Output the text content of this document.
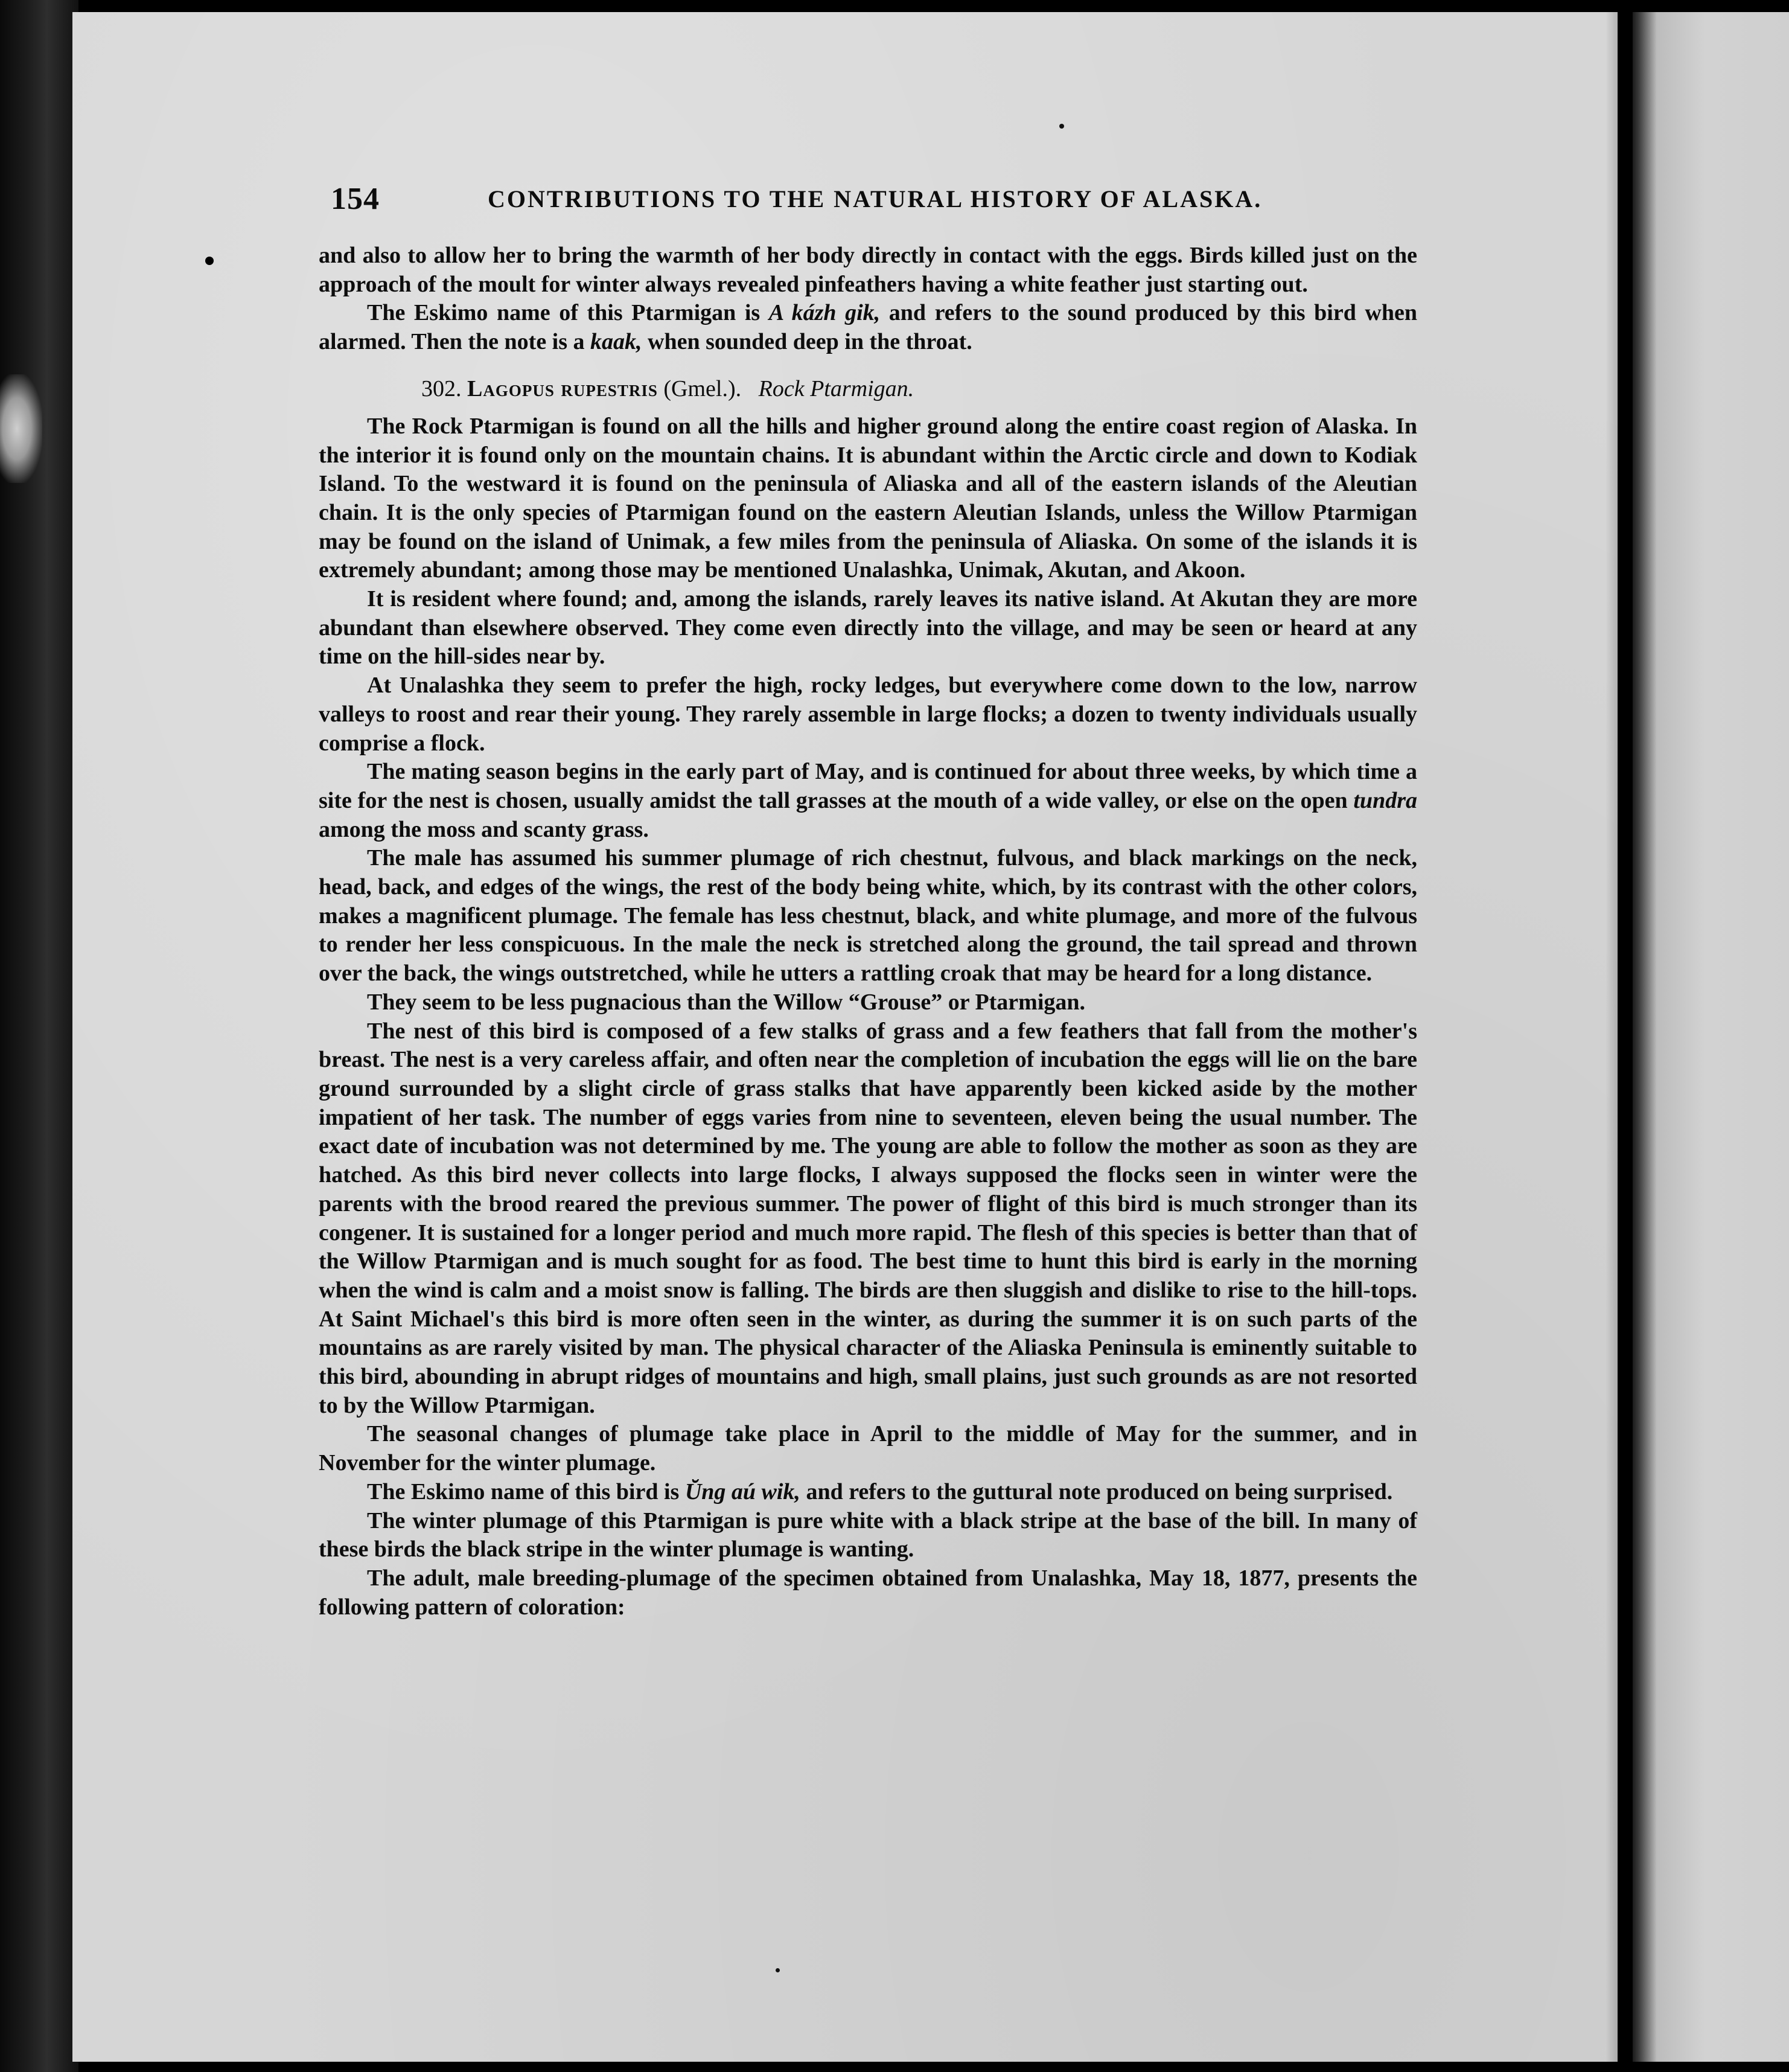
154	CONTRIBUTIONS TO THE NATURAL HISTORY OF ALASKA.

and also to allow her to bring the warmth of her body directly in contact with the eggs. Birds killed just on the approach of the moult for winter always revealed pinfeathers having a white feather just starting out.

The Eskimo name of this Ptarmigan is A kázh gik, and refers to the sound produced by this bird when alarmed. Then the note is a kaak, when sounded deep in the throat.

302. Lagopus rupestris (Gmel.). Rock Ptarmigan.

The Rock Ptarmigan is found on all the hills and higher ground along the entire coast region of Alaska. In the interior it is found only on the mountain chains. It is abundant within the Arctic circle and down to Kodiak Island. To the westward it is found on the peninsula of Aliaska and all of the eastern islands of the Aleutian chain. It is the only species of Ptarmigan found on the eastern Aleutian Islands, unless the Willow Ptarmigan may be found on the island of Unimak, a few miles from the peninsula of Aliaska. On some of the islands it is extremely abundant; among those may be mentioned Unalashka, Unimak, Akutan, and Akoon.

It is resident where found; and, among the islands, rarely leaves its native island. At Akutan they are more abundant than elsewhere observed. They come even directly into the village, and may be seen or heard at any time on the hill-sides near by.

At Unalashka they seem to prefer the high, rocky ledges, but everywhere come down to the low, narrow valleys to roost and rear their young. They rarely assemble in large flocks; a dozen to twenty individuals usually comprise a flock.

The mating season begins in the early part of May, and is continued for about three weeks, by which time a site for the nest is chosen, usually amidst the tall grasses at the mouth of a wide valley, or else on the open tundra among the moss and scanty grass.

The male has assumed his summer plumage of rich chestnut, fulvous, and black markings on the neck, head, back, and edges of the wings, the rest of the body being white, which, by its contrast with the other colors, makes a magnificent plumage. The female has less chestnut, black, and white plumage, and more of the fulvous to render her less conspicuous. In the male the neck is stretched along the ground, the tail spread and thrown over the back, the wings outstretched, while he utters a rattling croak that may be heard for a long distance.

They seem to be less pugnacious than the Willow “Grouse” or Ptarmigan.

The nest of this bird is composed of a few stalks of grass and a few feathers that fall from the mother's breast. The nest is a very careless affair, and often near the completion of incubation the eggs will lie on the bare ground surrounded by a slight circle of grass stalks that have apparently been kicked aside by the mother impatient of her task. The number of eggs varies from nine to seventeen, eleven being the usual number. The exact date of incubation was not determined by me. The young are able to follow the mother as soon as they are hatched. As this bird never collects into large flocks, I always supposed the flocks seen in winter were the parents with the brood reared the previous summer. The power of flight of this bird is much stronger than its congener. It is sustained for a longer period and much more rapid. The flesh of this species is better than that of the Willow Ptarmigan and is much sought for as food. The best time to hunt this bird is early in the morning when the wind is calm and a moist snow is falling. The birds are then sluggish and dislike to rise to the hill-tops. At Saint Michael's this bird is more often seen in the winter, as during the summer it is on such parts of the mountains as are rarely visited by man. The physical character of the Aliaska Peninsula is eminently suitable to this bird, abounding in abrupt ridges of mountains and high, small plains, just such grounds as are not resorted to by the Willow Ptarmigan.

The seasonal changes of plumage take place in April to the middle of May for the summer, and in November for the winter plumage.

The Eskimo name of this bird is Ŭng aú wik, and refers to the guttural note produced on being surprised.

The winter plumage of this Ptarmigan is pure white with a black stripe at the base of the bill. In many of these birds the black stripe in the winter plumage is wanting.

The adult, male breeding-plumage of the specimen obtained from Unalashka, May 18, 1877, presents the following pattern of coloration:
